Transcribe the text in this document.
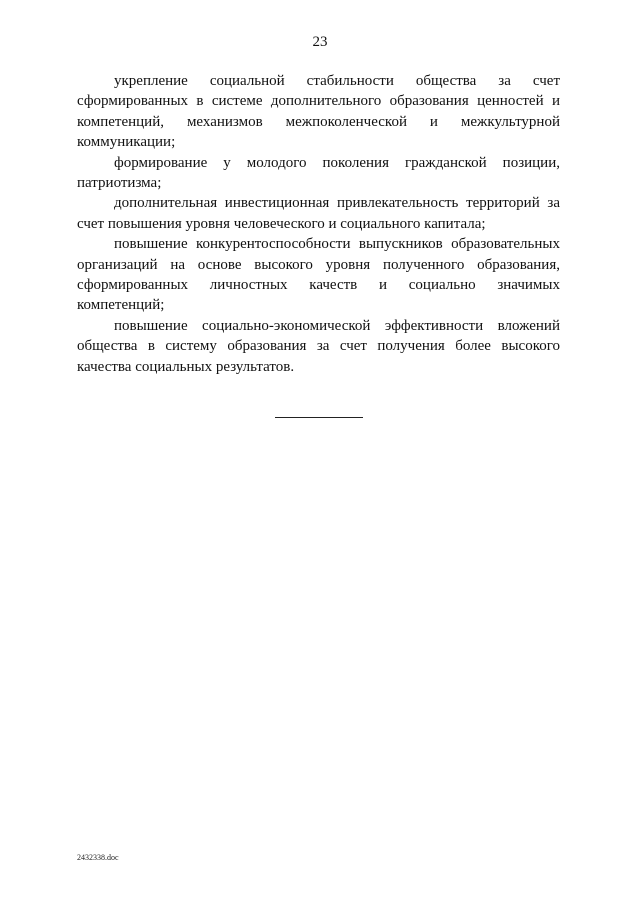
23

укрепление социальной стабильности общества за счет сформированных в системе дополнительного образования ценностей и компетенций, механизмов межпоколенческой и межкультурной коммуникации;

формирование у молодого поколения гражданской позиции, патриотизма;

дополнительная инвестиционная привлекательность территорий за счет повышения уровня человеческого и социального капитала;

повышение конкурентоспособности выпускников образовательных организаций на основе высокого уровня полученного образования, сформированных личностных качеств и социально значимых компетенций;

повышение социально-экономической эффективности вложений общества в систему образования за счет получения более высокого качества социальных результатов.

2432338.doc
